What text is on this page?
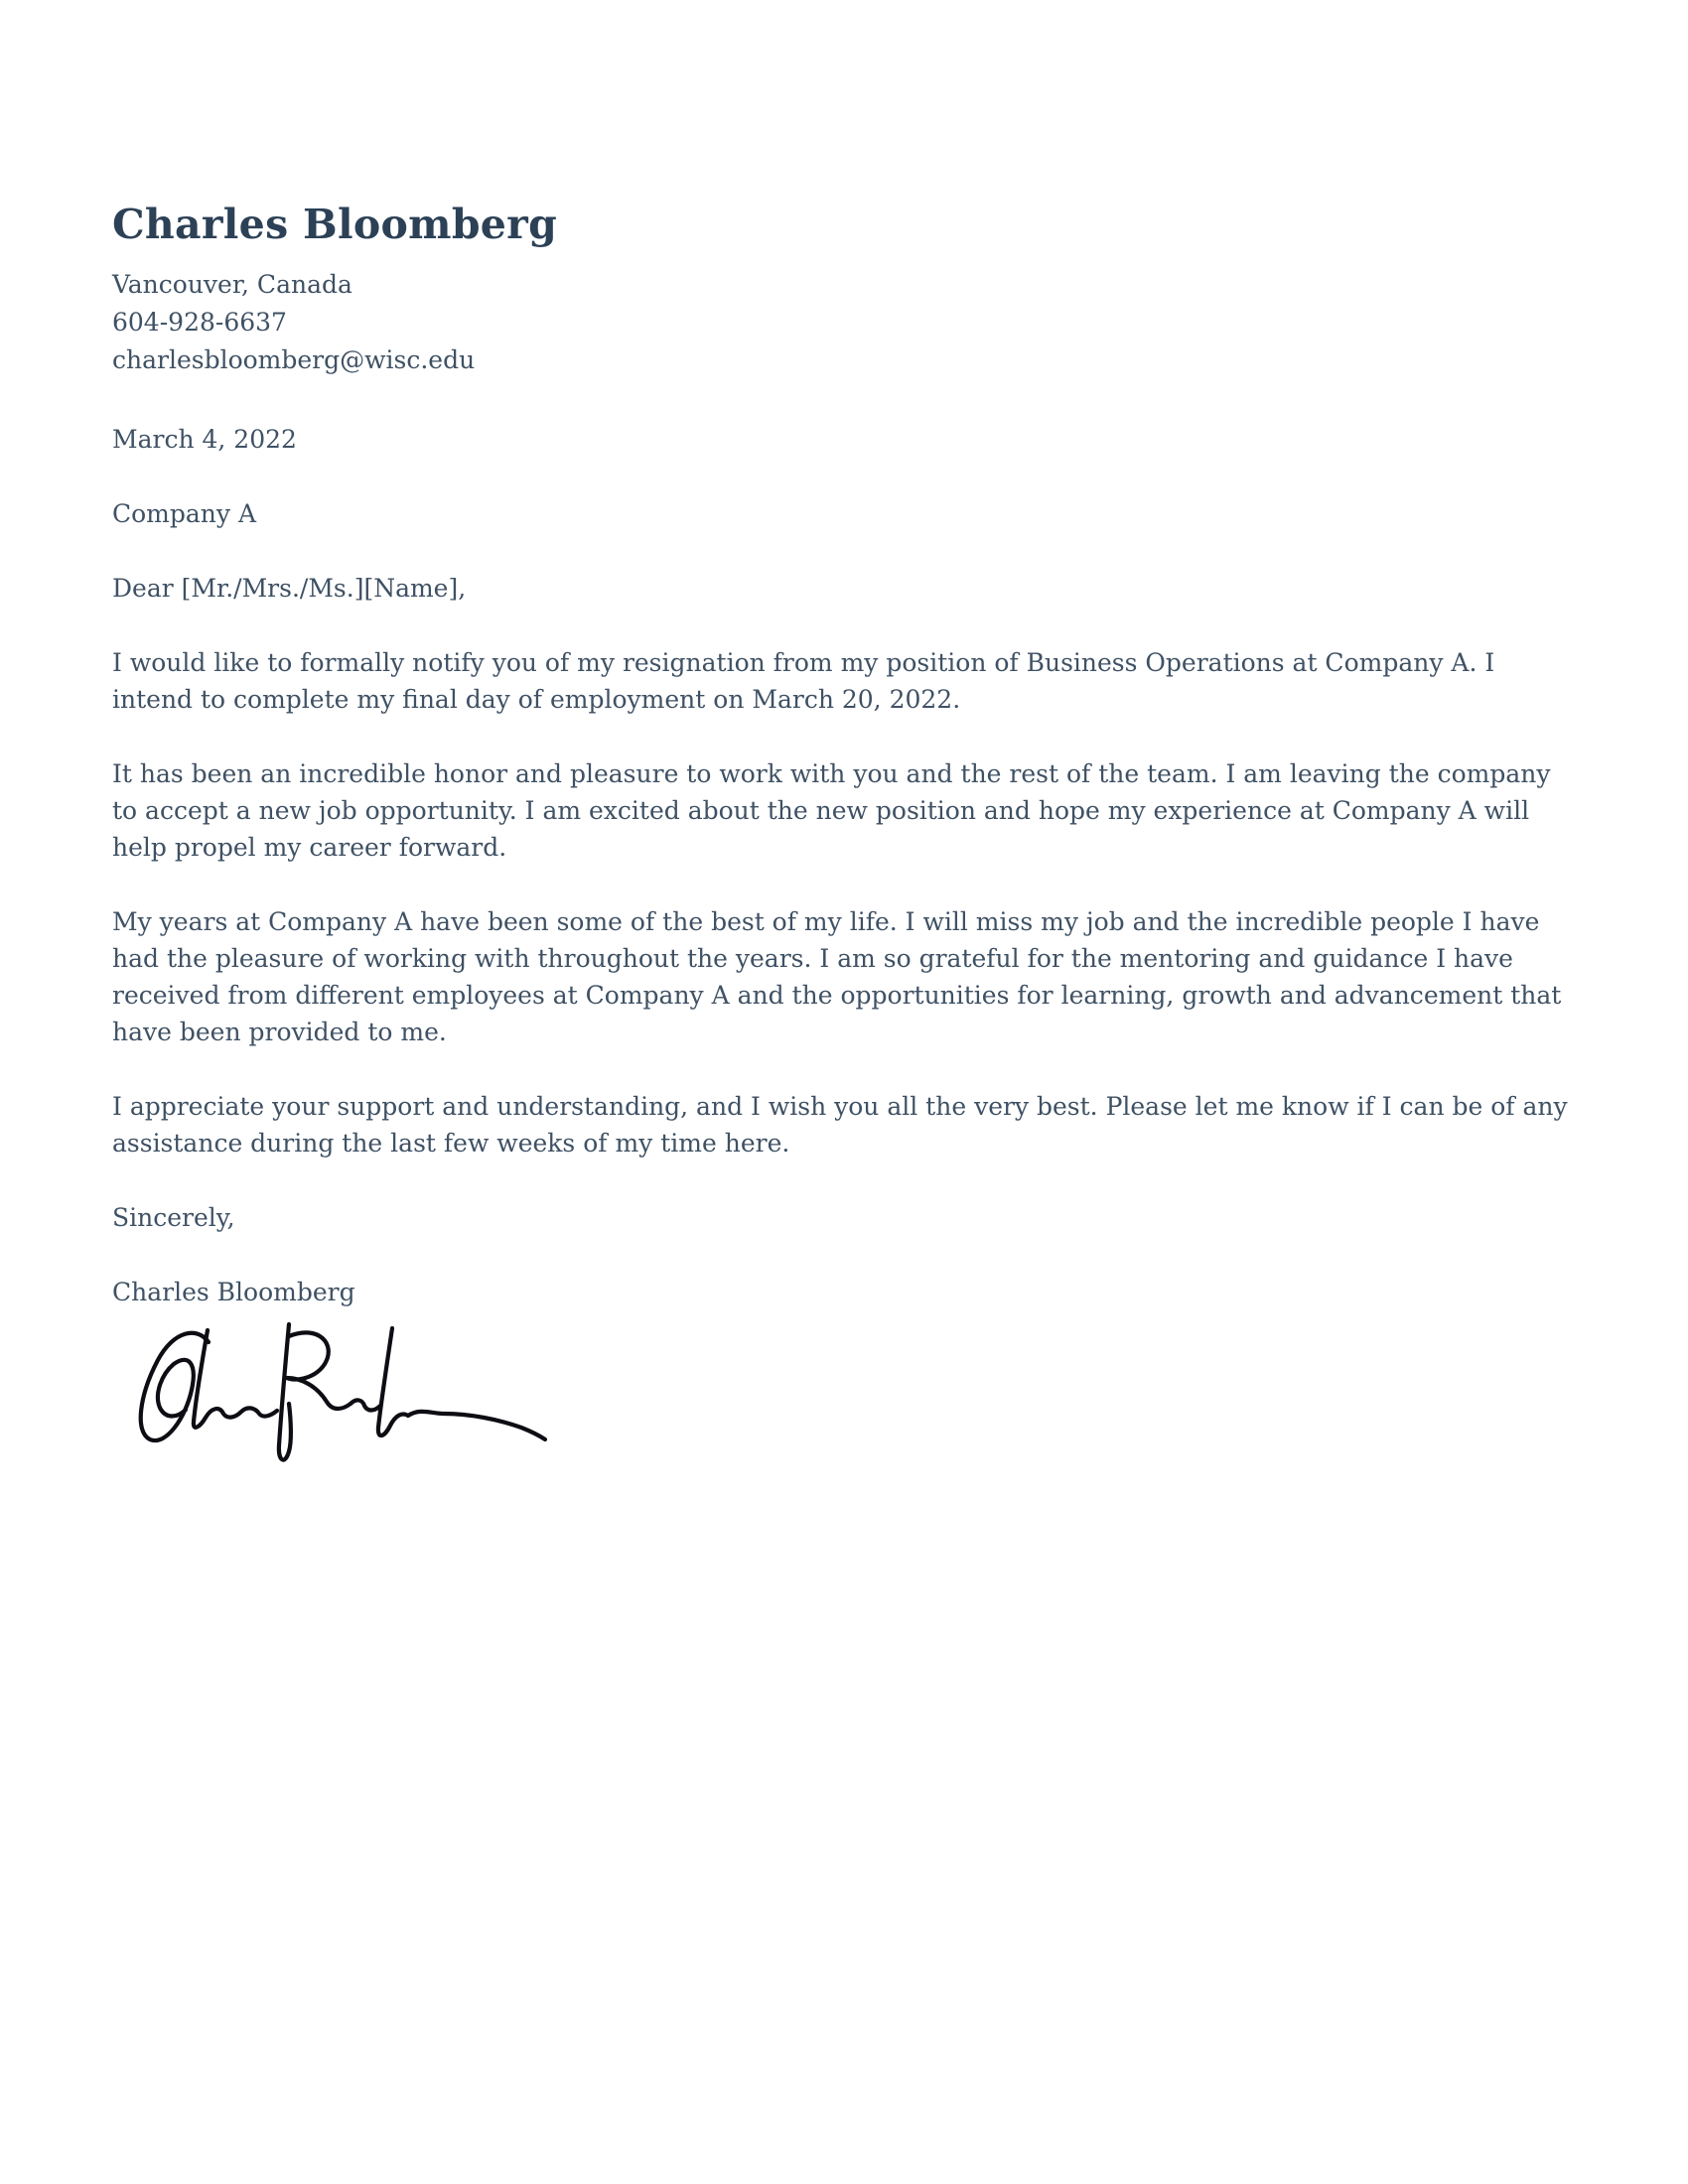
Charles Bloomberg
Vancouver, Canada
604-928-6637
charlesbloomberg@wisc.edu
March 4, 2022
Company A
Dear [Mr./Mrs./Ms.][Name],

I would like to formally notify you of my resignation from my position of Business Operations at Company A. I intend to complete my final day of employment on March 20, 2022.

It has been an incredible honor and pleasure to work with you and the rest of the team. I am leaving the company to accept a new job opportunity. I am excited about the new position and hope my experience at Company A will help propel my career forward.

My years at Company A have been some of the best of my life. I will miss my job and the incredible people I have had the pleasure of working with throughout the years. I am so grateful for the mentoring and guidance I have received from different employees at Company A and the opportunities for learning, growth and advancement that have been provided to me.

I appreciate your support and understanding, and I wish you all the very best. Please let me know if I can be of any assistance during the last few weeks of my time here.

Sincerely,
Charles Bloomberg
